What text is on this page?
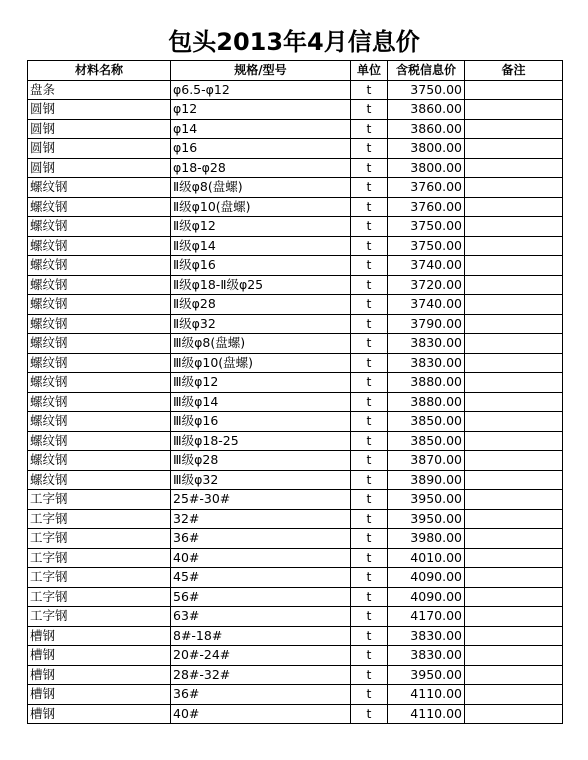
包头2013年4月信息价
材料名称	规格/型号	单位	含税信息价	备注
盘条	φ6.5-φ12	t	3750.00	
圆钢	φ12	t	3860.00	
圆钢	φ14	t	3860.00	
圆钢	φ16	t	3800.00	
圆钢	φ18-φ28	t	3800.00	
螺纹钢	Ⅱ级φ8(盘螺)	t	3760.00	
螺纹钢	Ⅱ级φ10(盘螺)	t	3760.00	
螺纹钢	Ⅱ级φ12	t	3750.00	
螺纹钢	Ⅱ级φ14	t	3750.00	
螺纹钢	Ⅱ级φ16	t	3740.00	
螺纹钢	Ⅱ级φ18-Ⅱ级φ25	t	3720.00	
螺纹钢	Ⅱ级φ28	t	3740.00	
螺纹钢	Ⅱ级φ32	t	3790.00	
螺纹钢	Ⅲ级φ8(盘螺)	t	3830.00	
螺纹钢	Ⅲ级φ10(盘螺)	t	3830.00	
螺纹钢	Ⅲ级φ12	t	3880.00	
螺纹钢	Ⅲ级φ14	t	3880.00	
螺纹钢	Ⅲ级φ16	t	3850.00	
螺纹钢	Ⅲ级φ18-25	t	3850.00	
螺纹钢	Ⅲ级φ28	t	3870.00	
螺纹钢	Ⅲ级φ32	t	3890.00	
工字钢	25#-30#	t	3950.00	
工字钢	32#	t	3950.00	
工字钢	36#	t	3980.00	
工字钢	40#	t	4010.00	
工字钢	45#	t	4090.00	
工字钢	56#	t	4090.00	
工字钢	63#	t	4170.00	
槽钢	8#-18#	t	3830.00	
槽钢	20#-24#	t	3830.00	
槽钢	28#-32#	t	3950.00	
槽钢	36#	t	4110.00	
槽钢	40#	t	4110.00	
